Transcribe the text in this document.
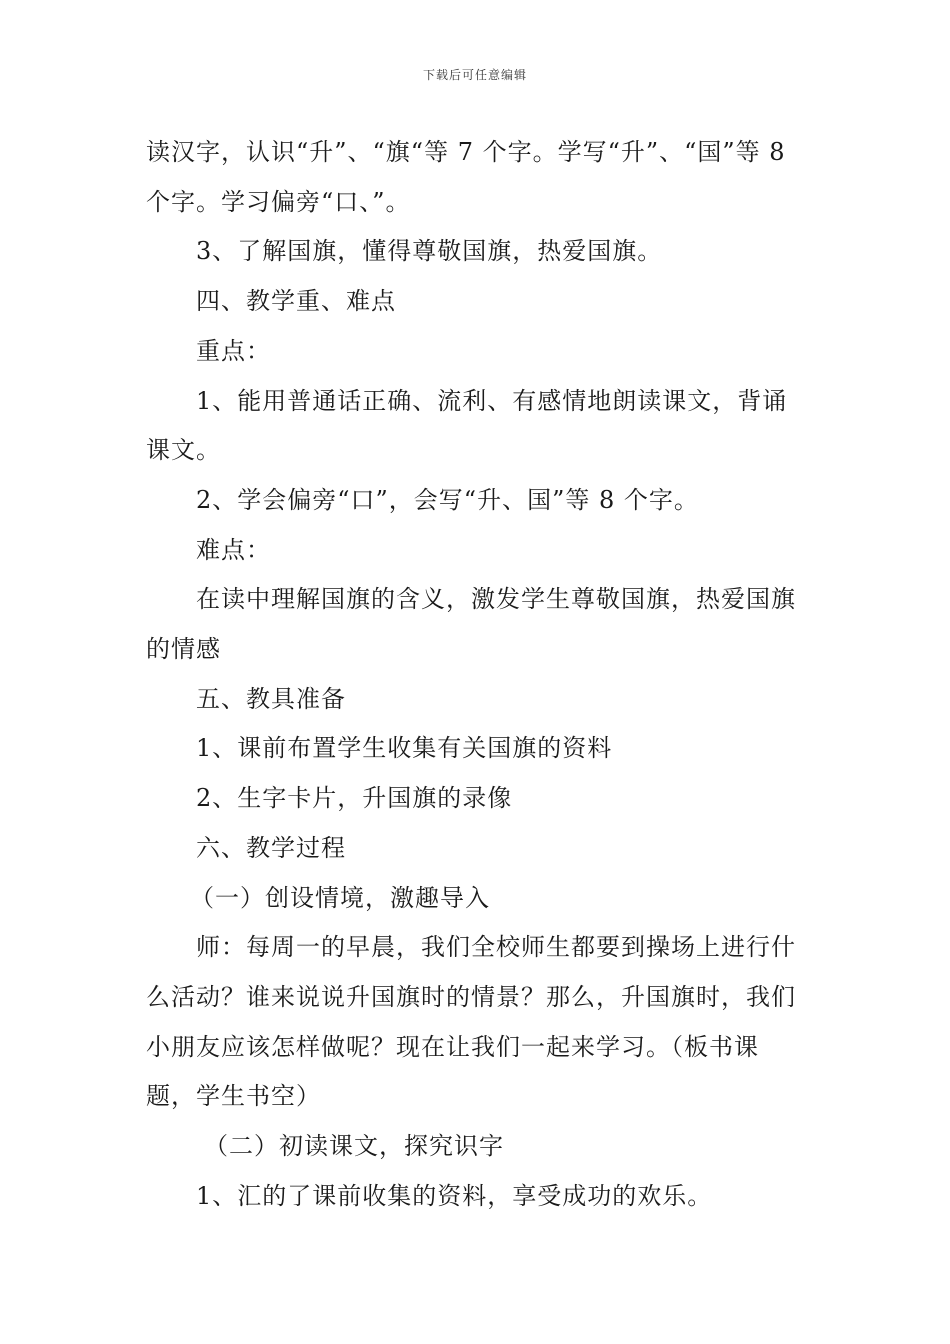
下载后可任意编辑

读汉字，认识“升”、“旗“等 7 个字。学写“升”、“国”等 8 个字。学习偏旁“口、”。

3、了解国旗，懂得尊敬国旗，热爱国旗。

四、教学重、难点

重点：

1、能用普通话正确、流利、有感情地朗读课文，背诵课文。

2、学会偏旁“口”，会写“升、国”等 8 个字。

难点：

在读中理解国旗的含义，激发学生尊敬国旗，热爱国旗的情感

五、教具准备

1、课前布置学生收集有关国旗的资料

2、生字卡片，升国旗的录像

六、教学过程

（一）创设情境，激趣导入

师：每周一的早晨，我们全校师生都要到操场上进行什么活动？谁来说说升国旗时的情景？那么，升国旗时，我们小朋友应该怎样做呢？现在让我们一起来学习。（板书课题，学生书空）

（二）初读课文，探究识字

1、汇的了课前收集的资料，享受成功的欢乐。
